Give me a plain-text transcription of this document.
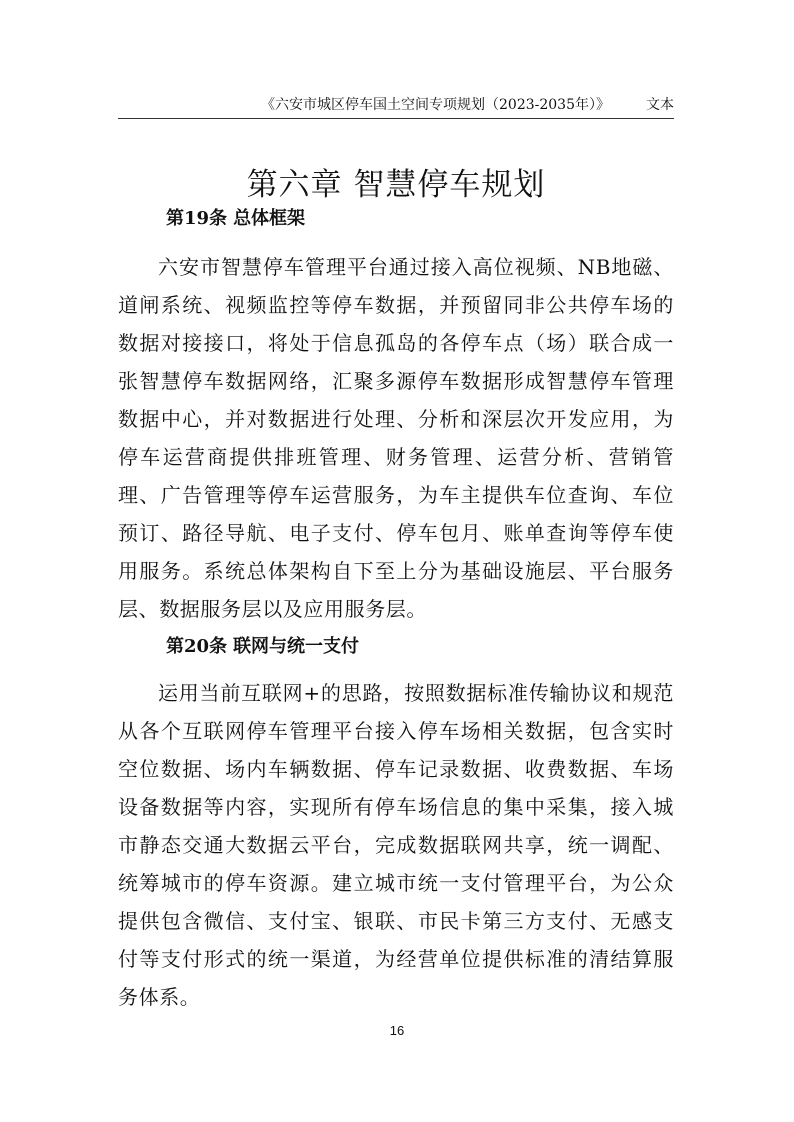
《六安市城区停车国土空间专项规划（2023-2035年）》	文本
第六章 智慧停车规划
第19条 总体框架

六安市智慧停车管理平台通过接入高位视频、NB地磁、道闸系统、视频监控等停车数据，并预留同非公共停车场的数据对接接口，将处于信息孤岛的各停车点（场）联合成一张智慧停车数据网络，汇聚多源停车数据形成智慧停车管理数据中心，并对数据进行处理、分析和深层次开发应用，为停车运营商提供排班管理、财务管理、运营分析、营销管理、广告管理等停车运营服务，为车主提供车位查询、车位预订、路径导航、电子支付、停车包月、账单查询等停车使用服务。系统总体架构自下至上分为基础设施层、平台服务层、数据服务层以及应用服务层。

第20条 联网与统一支付

运用当前互联网+的思路，按照数据标准传输协议和规范从各个互联网停车管理平台接入停车场相关数据，包含实时空位数据、场内车辆数据、停车记录数据、收费数据、车场设备数据等内容，实现所有停车场信息的集中采集，接入城市静态交通大数据云平台，完成数据联网共享，统一调配、统筹城市的停车资源。建立城市统一支付管理平台，为公众提供包含微信、支付宝、银联、市民卡第三方支付、无感支付等支付形式的统一渠道，为经营单位提供标准的清结算服务体系。

16
